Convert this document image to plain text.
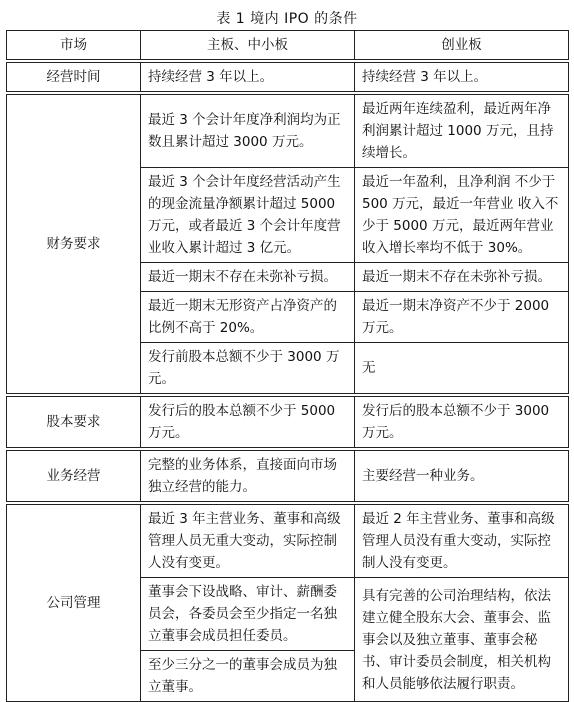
表 1 境内 IPO 的条件
市场	主板、中小板	创业板
经营时间	持续经营 3 年以上。	持续经营 3 年以上。
财务要求	最近 3 个会计年度净利润均为正数且累计超过 3000 万元。	最近两年连续盈利，最近两年净利润累计超过 1000 万元，且持续增长。
	最近 3 个会计年度经营活动产生的现金流量净额累计超过 5000 万元，或者最近 3 个会计年度营业收入累计超过 3 亿元。	最近一年盈利，且净利润 不少于 500 万元，最近一年营业 收入不少于 5000 万元，最近两年营业收入增长率均不低于 30%。
	最近一期末不存在未弥补亏损。	最近一期末不存在未弥补亏损。
	最近一期末无形资产占净资产的比例不高于 20%。	最近一期末净资产不少于 2000 万元。
	发行前股本总额不少于 3000 万元。	无
股本要求	发行后的股本总额不少于 5000 万元。	发行后的股本总额不少于 3000 万元。
业务经营	完整的业务体系，直接面向市场独立经营的能力。	主要经营一种业务。
公司管理	最近 3 年主营业务、董事和高级管理人员无重大变动，实际控制人没有变更。	最近 2 年主营业务、董事和高级管理人员没有重大变动，实际控制人没有变更。
	董事会下设战略、审计、薪酬委员会，各委员会至少指定一名独立董事会成员担任委员。	具有完善的公司治理结构，依法建立健全股东大会、董事会、监事会以及独立董事、董事会秘书、审计委员会制度，相关机构和人员能够依法履行职责。
	至少三分之一的董事会成员为独立董事。	
